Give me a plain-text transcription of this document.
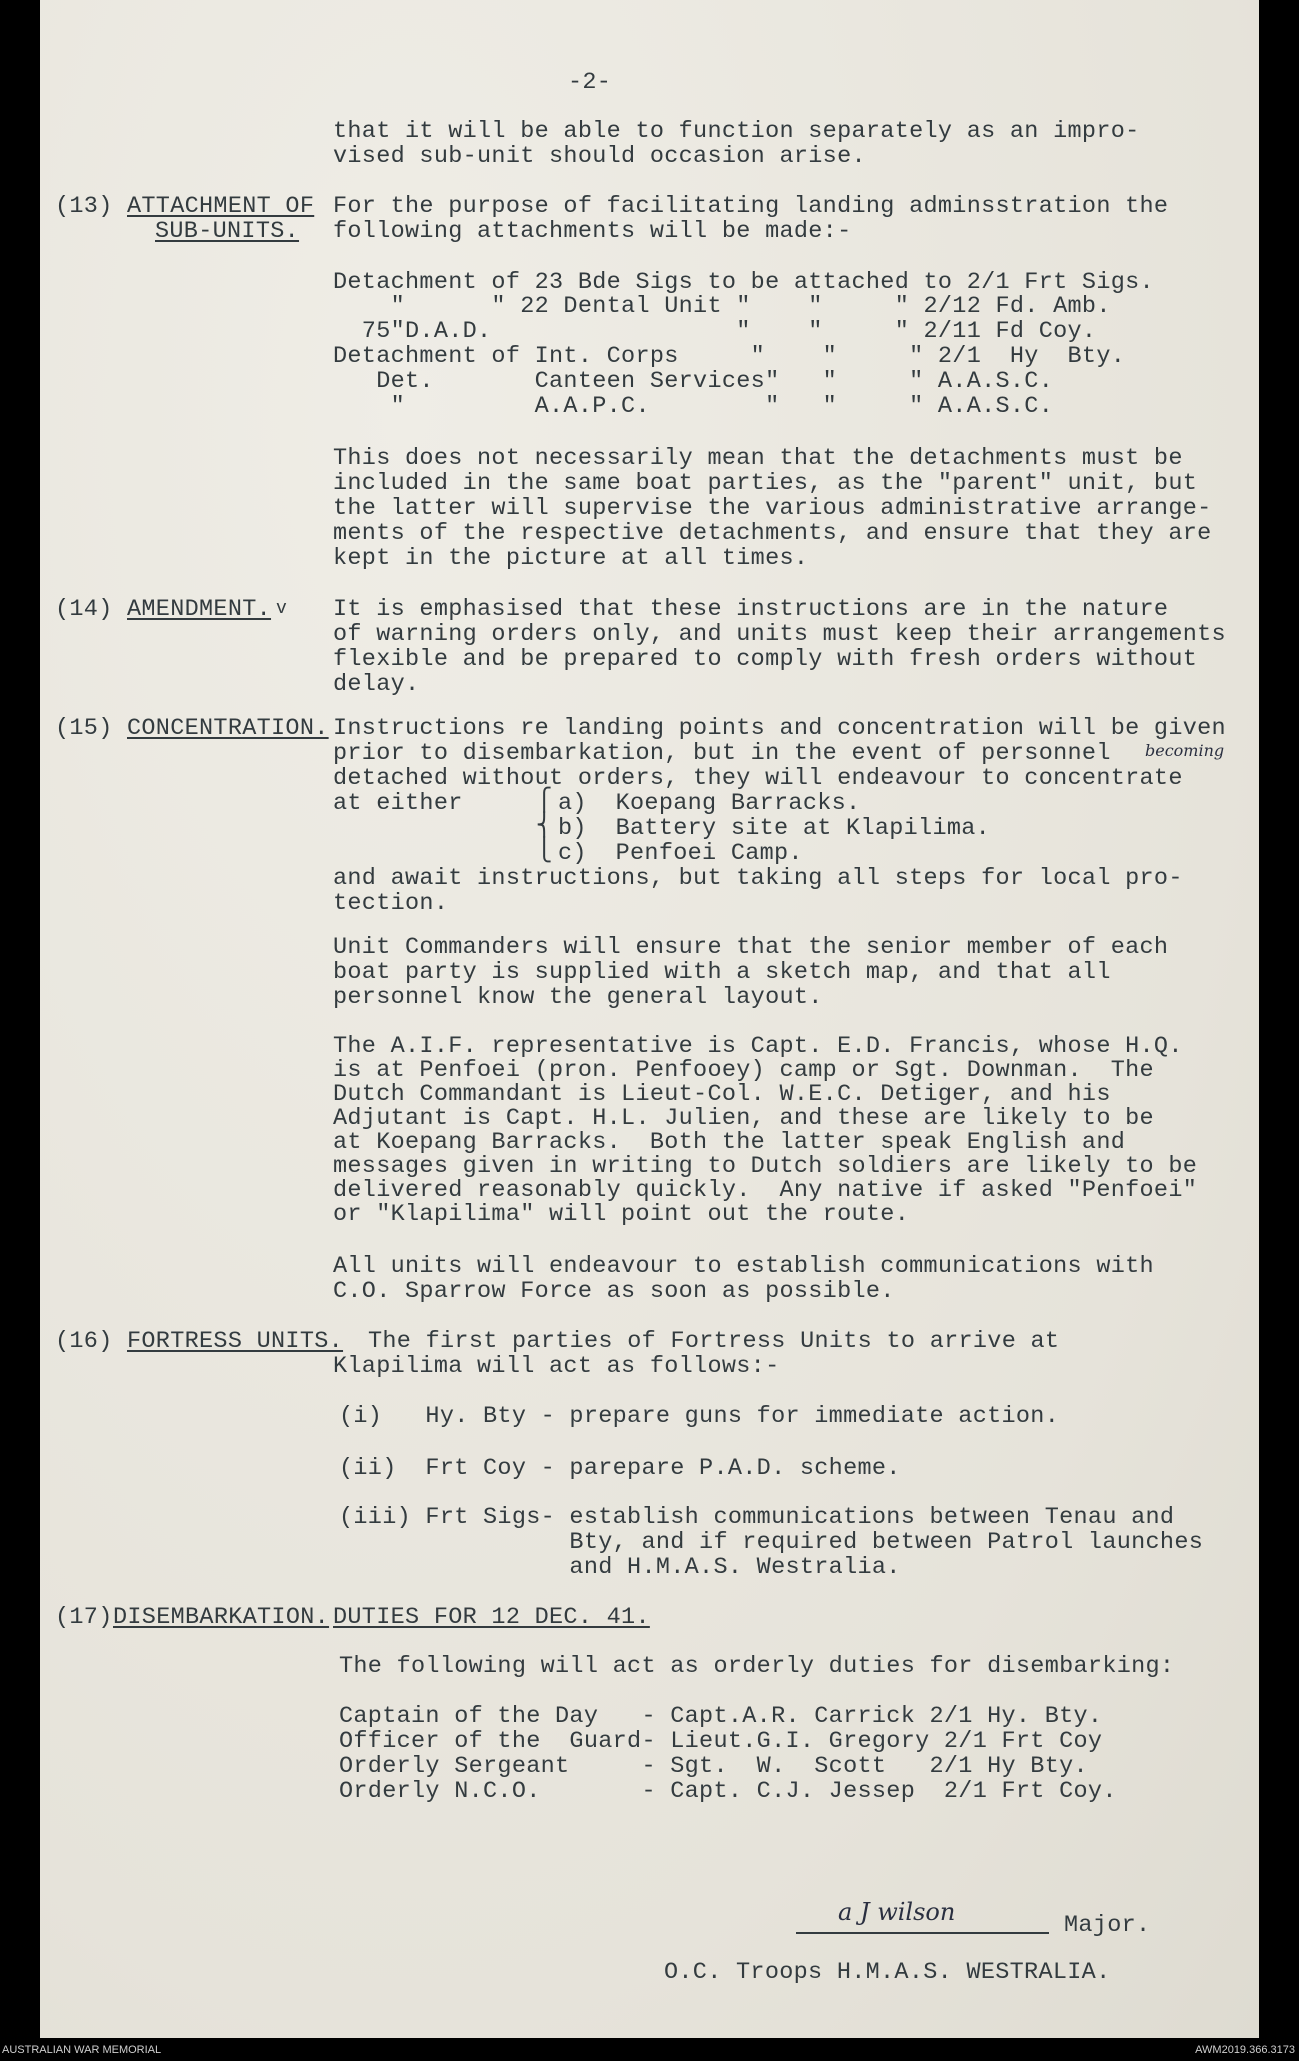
-2-
that it will be able to function separately as an impro-
vised sub-unit should occasion arise.
(13) ATTACHMENT OF
SUB-UNITS.
For the purpose of facilitating landing adminsstration the
following attachments will be made:-
Detachment of 23 Bde Sigs to be attached to 2/1 Frt Sigs.
"      " 22 Dental Unit "    "     " 2/12 Fd. Amb.
75"D.A.D.                 "    "     " 2/11 Fd Coy.
Detachment of Int. Corps     "    "     " 2/1  Hy  Bty.
Det.       Canteen Services"   "     " A.A.S.C.
"         A.A.P.C.        "   "     " A.A.S.C.
This does not necessarily mean that the detachments must be
included in the same boat parties, as the "parent" unit, but
the latter will supervise the various administrative arrange-
ments of the respective detachments, and ensure that they are
kept in the picture at all times.
(14) AMENDMENT. v It is emphasised that these instructions are in the nature
of warning orders only, and units must keep their arrangements
flexible and be prepared to comply with fresh orders without
delay.
(15) CONCENTRATION. Instructions re landing points and concentration will be given
prior to disembarkation, but in the event of personnel becoming
detached without orders, they will endeavour to concentrate
at either	⎧
⎨
⎩
a)  Koepang Barracks.
b)  Battery site at Klapilima.
c)  Penfoei Camp.
and await instructions, but taking all steps for local pro-
tection.
Unit Commanders will ensure that the senior member of each
boat party is supplied with a sketch map, and that all
personnel know the general layout.
The A.I.F. representative is Capt. E.D. Francis, whose H.Q.
is at Penfoei (pron. Penfooey) camp or Sgt. Downman.  The
Dutch Commandant is Lieut-Col. W.E.C. Detiger, and his
Adjutant is Capt. H.L. Julien, and these are likely to be
at Koepang Barracks.  Both the latter speak English and
messages given in writing to Dutch soldiers are likely to be
delivered reasonably quickly.  Any native if asked "Penfoei"
or "Klapilima" will point out the route.
All units will endeavour to establish communications with
C.O. Sparrow Force as soon as possible.
(16) FORTRESS UNITS. The first parties of Fortress Units to arrive at
Klapilima will act as follows:-
(i)   Hy. Bty - prepare guns for immediate action.
(ii)  Frt Coy - parepare P.A.D. scheme.
(iii) Frt Sigs- establish communications between Tenau and
Bty, and if required between Patrol launches
and H.M.A.S. Westralia.
(17) DISEMBARKATION. DUTIES FOR 12 DEC. 41.
The following will act as orderly duties for disembarking:
Captain of the Day   - Capt.A.R. Carrick 2/1 Hy. Bty.
Officer of the  Guard- Lieut.G.I. Gregory 2/1 Frt Coy
Orderly Sergeant     - Sgt.  W.  Scott   2/1 Hy Bty.
Orderly N.C.O.       - Capt. C.J. Jessep  2/1 Frt Coy.
a J wilson	Major.
O.C. Troops H.M.A.S. WESTRALIA.
AUSTRALIAN WAR MEMORIAL	AWM2019.366.3173
